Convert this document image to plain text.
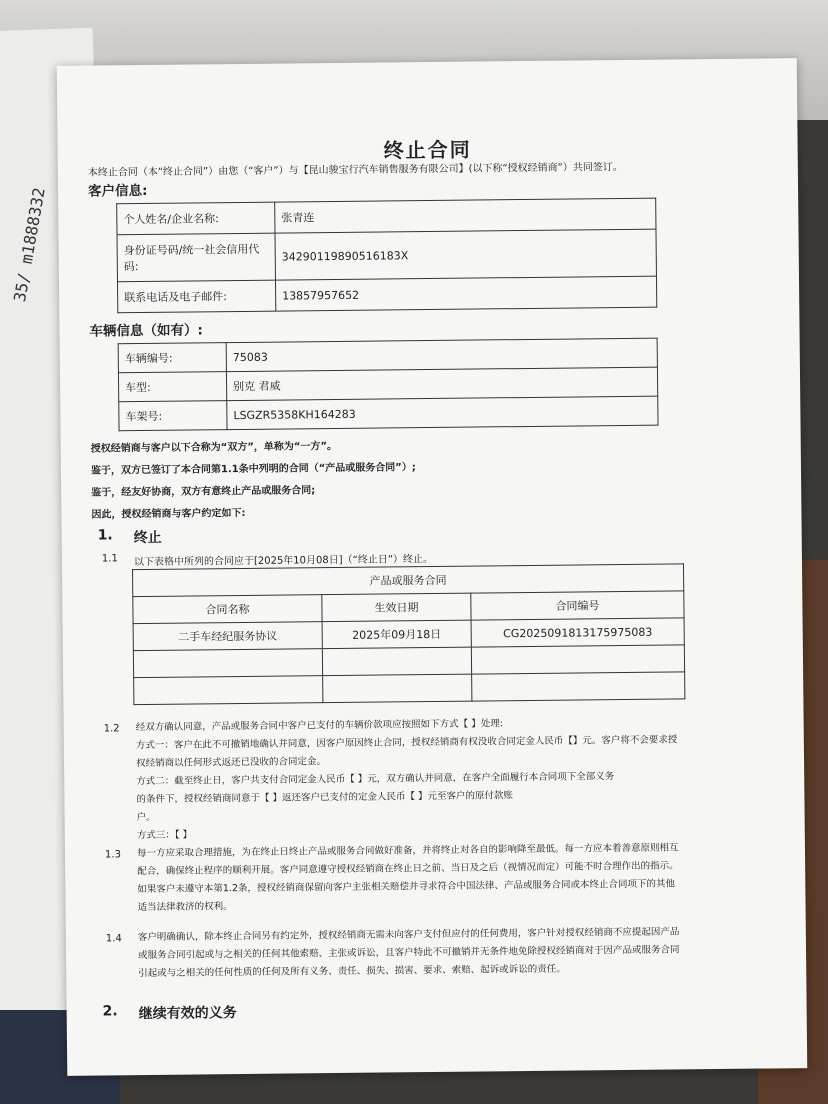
35/ m1888332
终止合同
本终止合同（本“终止合同”）由您（“客户”）与【昆山骏宝行汽车销售服务有限公司】(以下称“授权经销商”）共同签订。
客户信息:
个人姓名/企业名称:	张青连
身份证号码/统一社会信用代码:	34290119890516183X
联系电话及电子邮件:	13857957652
车辆信息（如有）:
车辆编号:	75083
车型:	别克 君威
车架号:	LSGZR5358KH164283
授权经销商与客户以下合称为“双方”，单称为“一方”。
鉴于，双方已签订了本合同第1.1条中列明的合同（“产品或服务合同”）;
鉴于，经友好协商，双方有意终止产品或服务合同;
因此，授权经销商与客户约定如下:
1. 终止
1.1 以下表格中所列的合同应于[2025年10月08日]（“终止日”）终止。
产品或服务合同		
合同名称	生效日期	合同编号
二手车经纪服务协议	2025年09月18日	CG2025091813175975083

1.2 经双方确认同意，产品或服务合同中客户已支付的车辆价款项应按照如下方式【 】处理:
方式一：客户在此不可撤销地确认并同意，因客户原因终止合同，授权经销商有权没收合同定金人民币【】元。客户将不会要求授
权经销商以任何形式返还已没收的合同定金。
方式二：截至终止日，客户共支付合同定金人民币【 】元，双方确认并同意，在客户全面履行本合同项下全部义务
的条件下，授权经销商同意于【 】返还客户已支付的定金人民币【 】元至客户的原付款账
户。
方式三：【 】
1.3 每一方应采取合理措施，为在终止日终止产品或服务合同做好准备，并将终止对各自的影响降至最低。每一方应本着善意原则相互
配合，确保终止程序的顺利开展。客户同意遵守授权经销商在终止日之前、当日及之后（视情况而定）可能不时合理作出的指示。
如果客户未遵守本第1.2条，授权经销商保留向客户主张相关赔偿并寻求符合中国法律、产品或服务合同或本终止合同项下的其他
适当法律救济的权利。
1.4 客户明确确认，除本终止合同另有约定外，授权经销商无需未向客户支付但应付的任何费用，客户针对授权经销商不应提起因产品
或服务合同引起或与之相关的任何其他索赔、主张或诉讼，且客户特此不可撤销并无条件地免除授权经销商对于因产品或服务合同
引起或与之相关的任何性质的任何及所有义务、责任、损失、损害、要求、索赔、起诉或诉讼的责任。
2. 继续有效的义务
